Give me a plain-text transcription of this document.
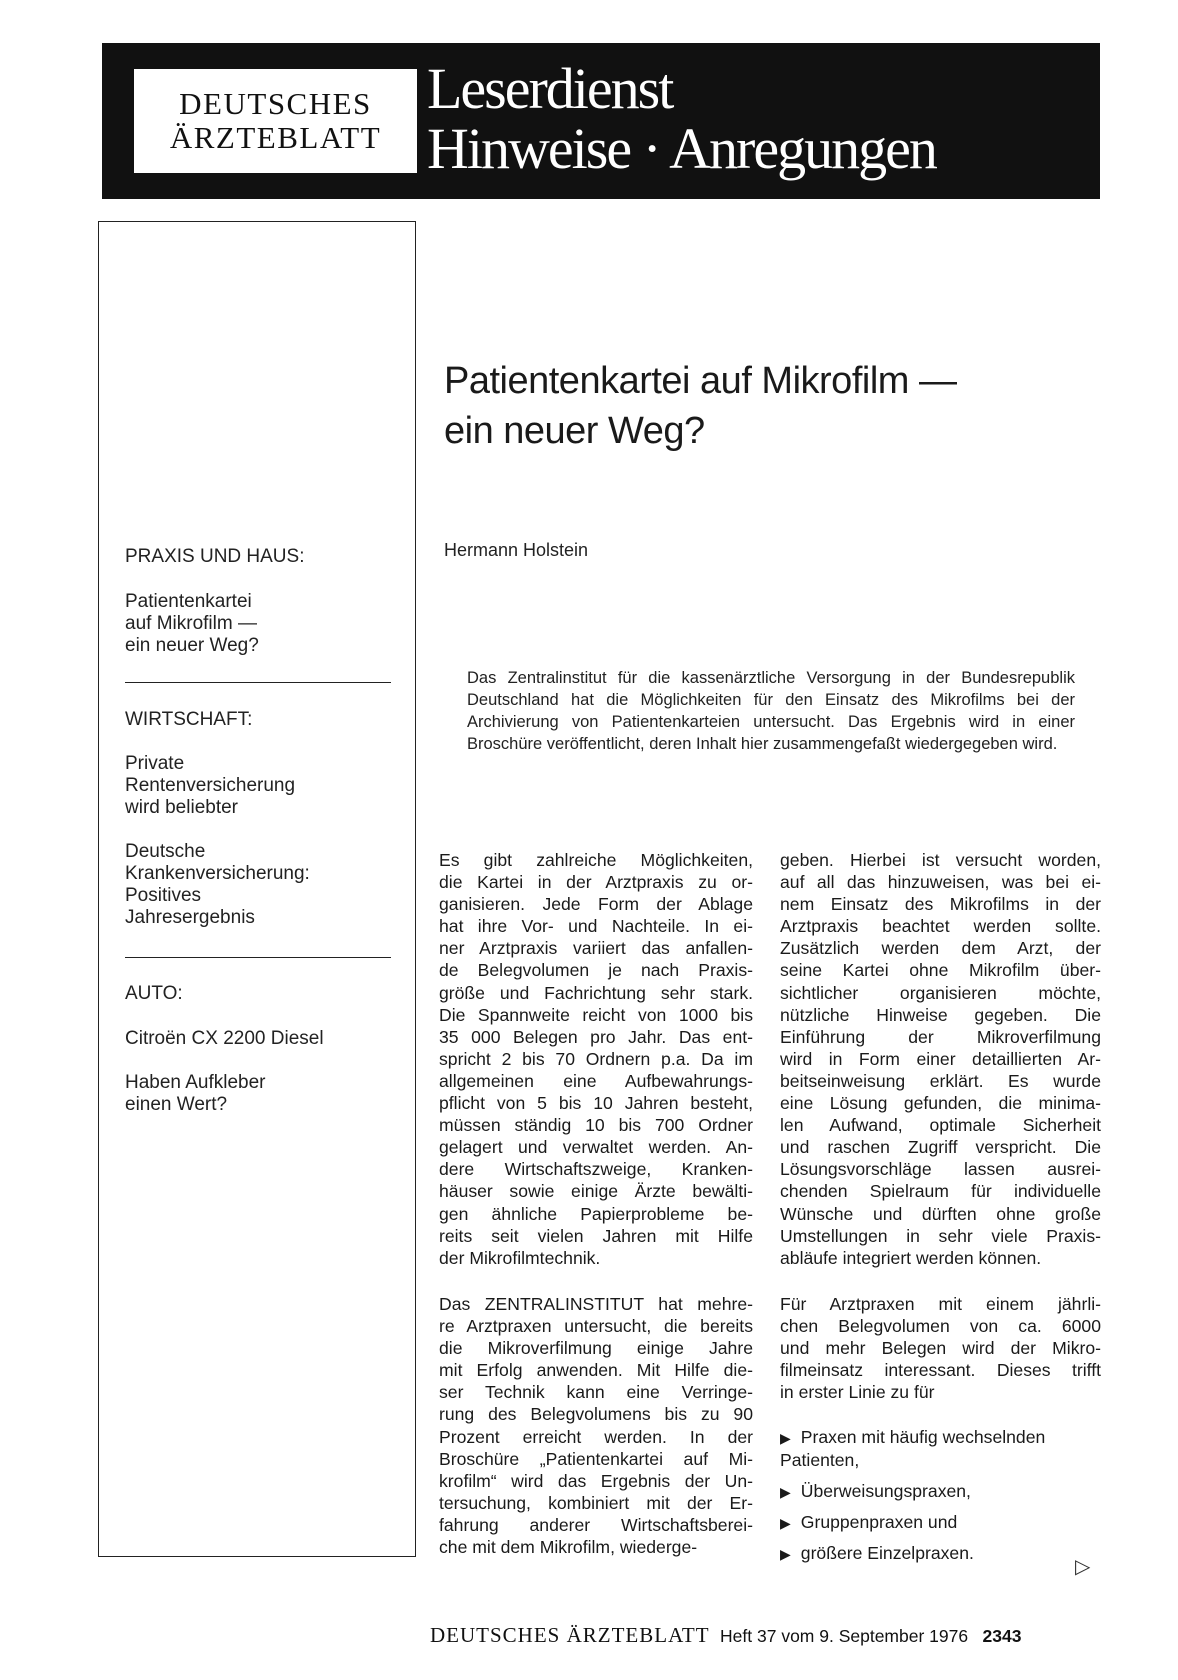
DEUTSCHES
ÄRZTEBLATT
Leserdienst
Hinweise · Anregungen
PRAXIS UND HAUS:
Patientenkartei
auf Mikrofilm —
ein neuer Weg?
WIRTSCHAFT:
Private
Rentenversicherung
wird beliebter
Deutsche
Krankenversicherung:
Positives
Jahresergebnis
AUTO:
Citroën CX 2200 Diesel
Haben Aufkleber
einen Wert?
Patientenkartei auf Mikrofilm —
ein neuer Weg?
Hermann Holstein
Das Zentralinstitut für die kassenärztliche Versorgung in der Bundesrepublik Deutschland hat die Möglichkeiten für den Einsatz des Mikrofilms bei der Archivierung von Patientenkarteien untersucht. Das Ergebnis wird in einer Broschüre veröffentlicht, deren Inhalt hier zusammengefaßt wiedergegeben wird.
Es gibt zahlreiche Möglichkeiten,
die Kartei in der Arztpraxis zu or-
ganisieren. Jede Form der Ablage
hat ihre Vor- und Nachteile. In ei-
ner Arztpraxis variiert das anfallen-
de Belegvolumen je nach Praxis-
größe und Fachrichtung sehr stark.
Die Spannweite reicht von 1000 bis
35 000 Belegen pro Jahr. Das ent-
spricht 2 bis 70 Ordnern p.a. Da im
allgemeinen eine Aufbewahrungs-
pflicht von 5 bis 10 Jahren besteht,
müssen ständig 10 bis 700 Ordner
gelagert und verwaltet werden. An-
dere Wirtschaftszweige, Kranken-
häuser sowie einige Ärzte bewälti-
gen ähnliche Papierprobleme be-
reits seit vielen Jahren mit Hilfe
der Mikrofilmtechnik.
Das ZENTRALINSTITUT hat mehre-
re Arztpraxen untersucht, die bereits
die Mikroverfilmung einige Jahre
mit Erfolg anwenden. Mit Hilfe die-
ser Technik kann eine Verringe-
rung des Belegvolumens bis zu 90
Prozent erreicht werden. In der
Broschüre „Patientenkartei auf Mi-
krofilm“ wird das Ergebnis der Un-
tersuchung, kombiniert mit der Er-
fahrung anderer Wirtschaftsberei-
che mit dem Mikrofilm, wiederge-
geben. Hierbei ist versucht worden,
auf all das hinzuweisen, was bei ei-
nem Einsatz des Mikrofilms in der
Arztpraxis beachtet werden sollte.
Zusätzlich werden dem Arzt, der
seine Kartei ohne Mikrofilm über-
sichtlicher organisieren möchte,
nützliche Hinweise gegeben. Die
Einführung der Mikroverfilmung
wird in Form einer detaillierten Ar-
beitseinweisung erklärt. Es wurde
eine Lösung gefunden, die minima-
len Aufwand, optimale Sicherheit
und raschen Zugriff verspricht. Die
Lösungsvorschläge lassen ausrei-
chenden Spielraum für individuelle
Wünsche und dürften ohne große
Umstellungen in sehr viele Praxis-
abläufe integriert werden können.
Für Arztpraxen mit einem jährli-
chen Belegvolumen von ca. 6000
und mehr Belegen wird der Mikro-
filmeinsatz interessant. Dieses trifft
in erster Linie zu für
▶ Praxen mit häufig wechselnden
Patienten,
▶ Überweisungspraxen,
▶ Gruppenpraxen und
▶ größere Einzelpraxen.
▷
DEUTSCHES ÄRZTEBLATT Heft 37 vom 9. September 1976 2343
